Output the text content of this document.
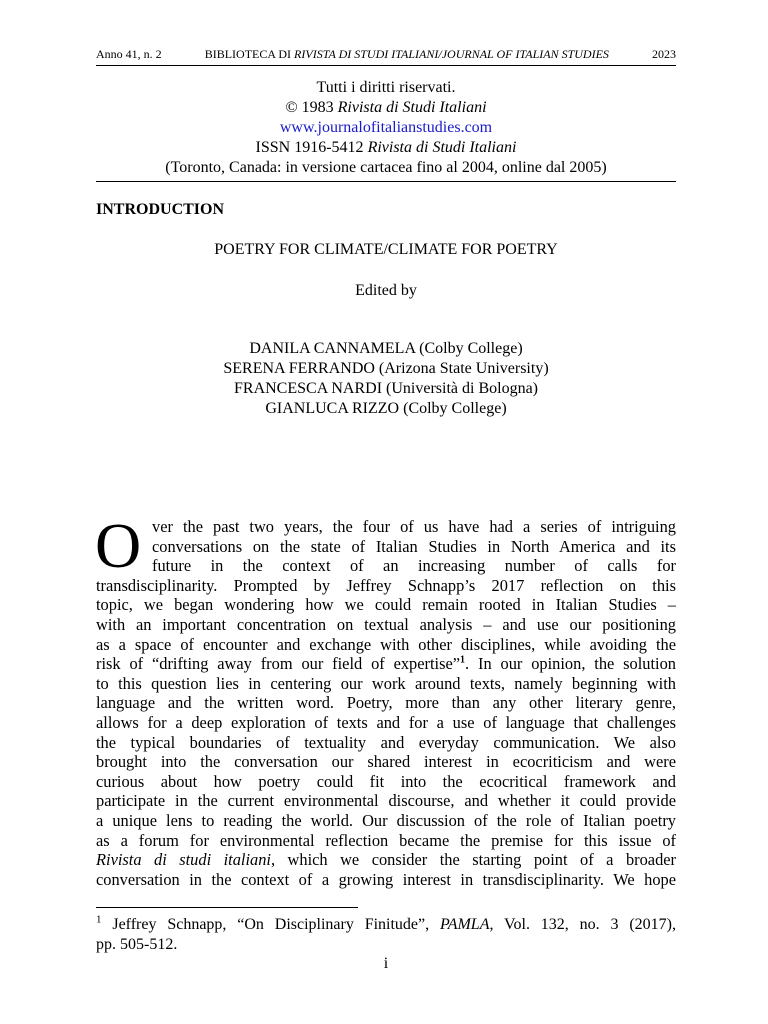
Anno 41, n. 2	BIBLIOTECA DI RIVISTA DI STUDI ITALIANI/JOURNAL OF ITALIAN STUDIES	2023
Tutti i diritti riservati.
© 1983 Rivista di Studi Italiani
www.journalofitalianstudies.com
ISSN 1916-5412 Rivista di Studi Italiani
(Toronto, Canada: in versione cartacea fino al 2004, online dal 2005)
INTRODUCTION
POETRY FOR CLIMATE/CLIMATE FOR POETRY
Edited by
DANILA CANNAMELA (Colby College)
SERENA FERRANDO (Arizona State University)
FRANCESCA NARDI (Università di Bologna)
GIANLUCA RIZZO (Colby College)
O ver the past two years, the four of us have had a series of intriguing
conversations on the state of Italian Studies in North America and its
future in the context of an increasing number of calls for
transdisciplinarity. Prompted by Jeffrey Schnapp’s 2017 reflection on this
topic, we began wondering how we could remain rooted in Italian Studies –
with an important concentration on textual analysis – and use our positioning
as a space of encounter and exchange with other disciplines, while avoiding the
risk of “drifting away from our field of expertise”$^1$. In our opinion, the solution
to this question lies in centering our work around texts, namely beginning with
language and the written word. Poetry, more than any other literary genre,
allows for a deep exploration of texts and for a use of language that challenges
the typical boundaries of textuality and everyday communication. We also
brought into the conversation our shared interest in ecocriticism and were
curious about how poetry could fit into the ecocritical framework and
participate in the current environmental discourse, and whether it could provide
a unique lens to reading the world. Our discussion of the role of Italian poetry
as a forum for environmental reflection became the premise for this issue of
Rivista di studi italiani, which we consider the starting point of a broader
conversation in the context of a growing interest in transdisciplinarity. We hope
$^1$ Jeffrey Schnapp, “On Disciplinary Finitude”, PAMLA, Vol. 132, no. 3 (2017),
pp. 505-512.
i
